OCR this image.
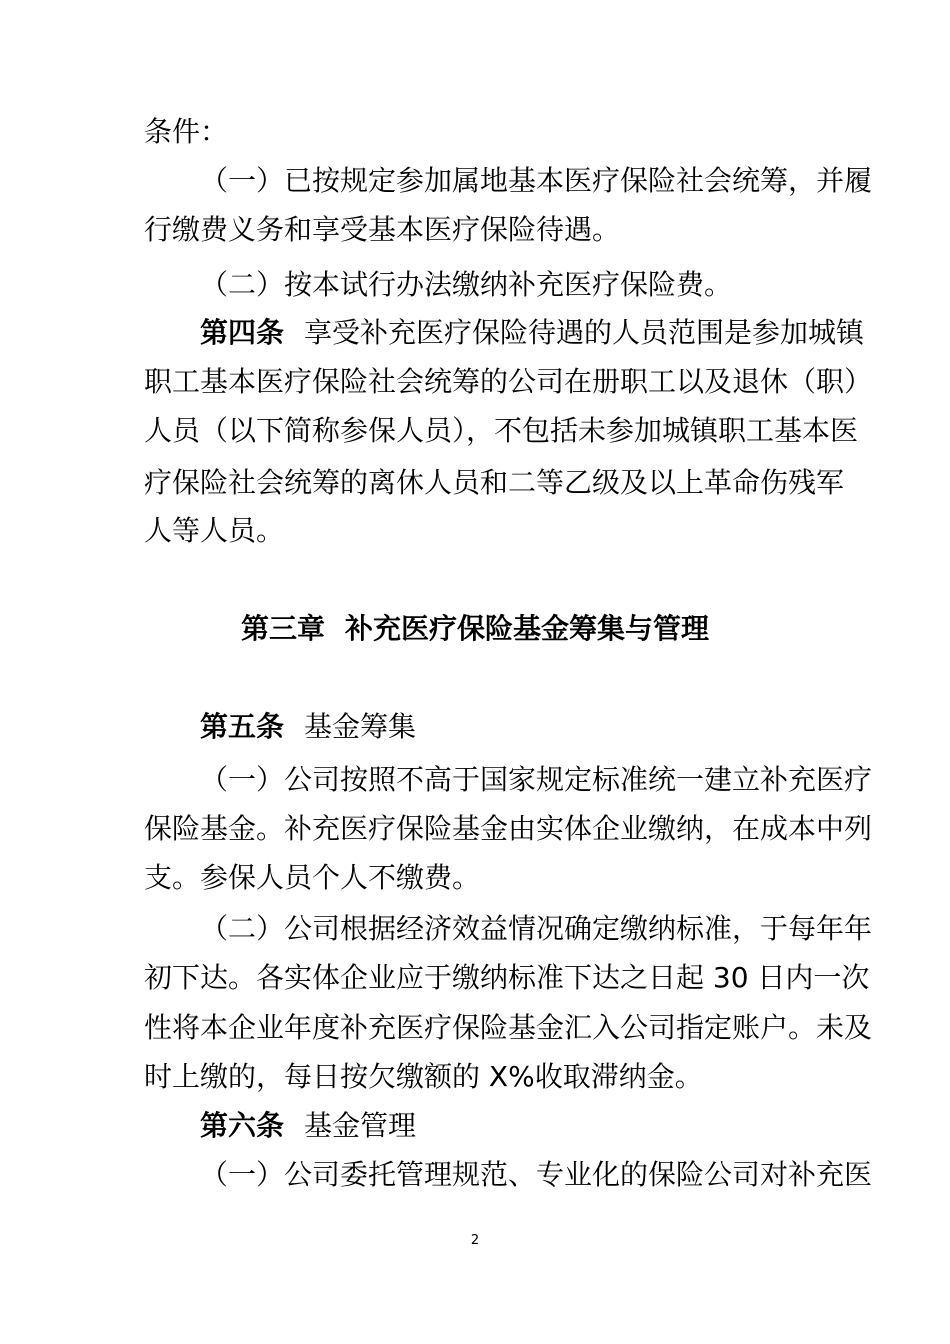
条件：
（一）已按规定参加属地基本医疗保险社会统筹，并履
行缴费义务和享受基本医疗保险待遇。
（二）按本试行办法缴纳补充医疗保险费。
第四条 享受补充医疗保险待遇的人员范围是参加城镇
职工基本医疗保险社会统筹的公司在册职工以及退休（职）
人员（以下简称参保人员），不包括未参加城镇职工基本医
疗保险社会统筹的离休人员和二等乙级及以上革命伤残军
人等人员。
第三章 补充医疗保险基金筹集与管理
第五条 基金筹集
（一）公司按照不高于国家规定标准统一建立补充医疗
保险基金。补充医疗保险基金由实体企业缴纳，在成本中列
支。参保人员个人不缴费。
（二）公司根据经济效益情况确定缴纳标准，于每年年
初下达。各实体企业应于缴纳标准下达之日起 30 日内一次
性将本企业年度补充医疗保险基金汇入公司指定账户。未及
时上缴的，每日按欠缴额的 X%收取滞纳金。
第六条 基金管理
（一）公司委托管理规范、专业化的保险公司对补充医
2
